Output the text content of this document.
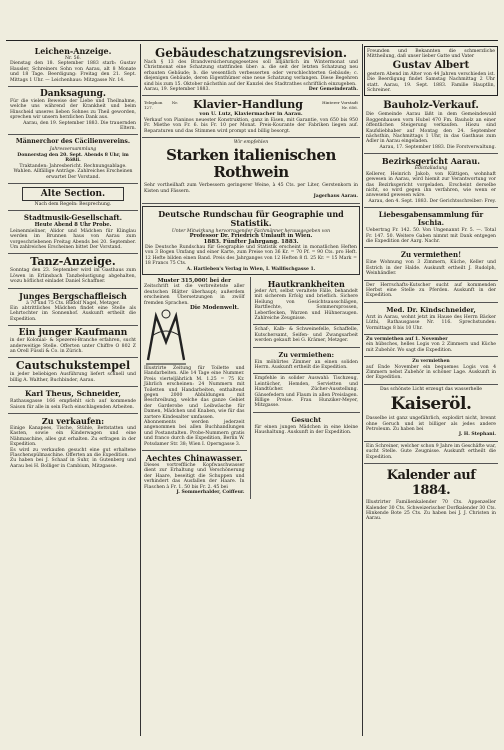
Leichen-Anzeige.

Nr. 56.

Dienstag den 18. September 1883 starb: Gustav Hausler, Schreiners Sohn von Aarau, alt 8 Monate und 18 Tage. Beerdigung: Freitag den 21. Sept. Mittags 1 Uhr. — Leichenhaus: Mitzgasse Nr. 14.

Danksagung.

Für die vielen Beweise der Liebe und Theilnahme, welche uns während der Krankheit und beim Hinscheid unseres lieben Sohnes zu Theil geworden, sprechen wir unsern herzlichen Dank aus.

Aarau, den 19. September 1883. Die trauernden Eltern.

Männerchor des Cäcilienvereins.

Jahresversammlung

Donnerstag den 20. Sept. Abends 8 Uhr, im Rößli.

Traktanden: Jahresbericht. Rechnungsablage. Wahlen. Allfällige Anträge. Zahlreiches Erscheinen erwartet Der Vorstand.

Alte Section.

Nach dem Regeln: Besprechung.

Stadtmusik-Gesellschaft.

Heute Abend 8 Uhr Probe.

Leinenmieliner, Alidor und Mädchen für Klinglau werden im Brunnen haus von Aarau zum vorgeschriebenen Freitag Abends bei 20. September. Um zahlreiches Erscheinen bittet Der Vorstand.

Tanz-Anzeige.

Sonntag den 23. September wird im Gasthaus zum Löwen in Erlinsbach Tanzbelustigung abgehalten, wozu höflichst einladet Daniel Schaffner.

Junges Bergschaffleisch

à 70 und 75 Cts. Rudolf Nagel, Metzger.

Ein abtrittliches Mädchen findet eine Stelle als Lehrtochter im Sonnenhof. Auskunft ertheilt die Expedition.

Ein junger Kaufmann

in der Kolonial- & Spezerei-Branche erfahren, sucht anderweitige Stelle. Offerten unter Chiffre O 802 Z an Orell Füssli & Co. in Zürich.

Cautschukstempel

in jeder beliebigen Ausführung liefert schnell und billig A. Walther, Buchbinder, Aarau.

Karl Theus, Schneider,

Rathausgasse 166 empfiehlt sich auf kommende Saison für alle in sein Fach einschlagenden Arbeiten.

Zu verkaufen:

Einige Kanapees, Tische, Stühle, Bettstatten und Kasten, sowie ein Kinderwagen und eine Nähmaschine, alles gut erhalten. Zu erfragen in der Expedition.

Es wird zu verkaufen gesucht eine gut erhaltene Flaschenspülmaschine. Offerten an die Expedition.

Zu haben bei J. Schaaf in Suhr, in Gutenberg und Aarau bei H. Bolliger in Cambium, Mitzgasse.

Gebäudeschatzungsrevision.

Nach § 13 des Brandversicherungsgesetzes soll alljährlich im Wintermonat und Christmonat eine Schatzung stattfinden über: a. die seit der letzten Schatzung neu erbauten Gebäude; b. die wesentlich verbesserten oder verschlechterten Gebäude; c. diejenigen Gebäude, deren Eigenthümer eine neue Schatzung verlangen. Diese Begehren sind bis zum 15. Oktober nächsthin auf der Kanzlei des Stadtrathes schriftlich einzugeben.

Aarau, 19. September 1883.	Der Gemeinderath.

Telephon Nr. 127.	Klavier-Handlung	Hinterer Vorstadt Nr. 656.

von U. Lutz, Klaviermacher in Aarau.

Verkauf von Pianinos neuester Konstruktion, ganz in Eisen, mit Garantie, von 650 bis 950 Fr. Miethe von Fr. 6. bis Fr. 10 per Monat. Preis-Kourante der Fabriken liegen auf. Reparaturen und das Stimmen wird prompt und billig besorgt.

Wir empfehlen

Starken italienischen Rothwein

Sehr vortheilhaft zum Verbessern geringerer Weine, à 45 Cts. per Liter, Gerstenkorn in Kisten und Fässern.

Jagerhaus Aarau.

Deutsche Rundschau für Geographie und Statistik.

Unter Mitwirkung hervorragender Fachmänner herausgegeben von

Professor Dr. Friedrich Umlauft in Wien.

1883. Fünfter Jahrgang. 1883.

Die Deutsche Rundschau für Geographie und Statistik erscheint in monatlichen Heften von 3 Bogen Umfang und einer Karte, zum Preise von 36 Kr. = 70 Pf. = 90 Cts. pro Heft. 12 Hefte bilden einen Band. Preis des Jahrganges von 12 Heften 8 fl. 25 Kr. = 15 Mark = 18 Francs 75 Cts.

A. Hartleben's Verlag in Wien, I. Wallfischgasse 1.

Muster 315,000! bei der

Zeitschrift ist die verbreitetste aller deutschen Blätter überhaupt; außerdem erscheinen Übersetzungen in zwölf fremden Sprachen.

Die Modenwelt.

Illustrirte Zeitung für Toilette und Handarbeiten. Alle 14 Tage eine Nummer. Preis vierteljährlich M. 1.25 = 75 Kr. Jährlich erscheinen: 24 Nummern mit Toiletten und Handarbeiten, enthaltend gegen 2000 Abbildungen mit Beschreibung, welche das ganze Gebiet der Garderobe und Leibwäsche für Damen, Mädchen und Knaben, wie für das zartere Kindesalter umfassen.

Abonnements werden jederzeit angenommen bei allen Buchhandlungen und Postanstalten. Probe-Nummern gratis und franco durch die Expedition, Berlin W. Potsdamer Str. 38; Wien I. Operngasse 3.

Aechtes Chinawasser.

Dieses vortreffliche Kopfwaschwasser dient zur Erhaltung und Verschönerung der Haare, beseitigt die Schuppen und verhindert das Ausfallen der Haare. In Flaschen à Fr. 1. 50 bis Fr. 2. 45 bei

J. Sommerhalder, Coiffeur.

Hautkrankheiten

jeder Art, selbst veraltete Fälle, behandelt mit sicherem Erfolg und brieflich. Sichere Heilung von Gesichtsausschlägen, Bartflechte, Sommersprossen, Leberflecken, Warzen und Hühneraugen. Zahlreiche Zeugnisse.

Schaf-, Kalb- & Schweinefelle, Schaffelle, Kutschersamt, Seifen- und Zwangsarbeit werden gekauft bei G. Krämer, Metzger.

Zu vermiethen:

Ein möblirtes Zimmer an einen soliden Herrn. Auskunft ertheilt die Expedition.

Empfehle in solider Auswahl: Tischzeug, Leintücher, Hemden, Servietten und Handtücher. Zücher-Ausstellung. Gänsefedern und Flaum in allen Preislagen. Billige Preise. Frau Hunziker-Meyer, Mitzgasse.

Gesucht

für einen jungen Mädchen in eine kleine Haushaltung. Auskunft in der Expedition.

Freunden und Bekannten die schmerzliche Mittheilung, daß unser lieber Gatte und Vater

Gustav Albert

gestern Abend im Alter von 44 Jahren verschieden ist. Die Beerdigung findet Samstag Nachmittag 2 Uhr statt. Aarau, 19. Sept. 1883. Familie Hauptlin, Schreiner.

Bauholz-Verkauf.

Die Gemeinde Aarau läßt in dem Gemeindewald Roggenhausen vorn Hubel 470 Fm. Bauholz an einer öffentlichen Steigerung verkaufen. Hiezu sind Kaufsliebhaber auf Montag den 24. September nächsthin, Nachmittags 1 Uhr, in das Gasthaus zum Adler in Aarau eingeladen.

Aarau, 17. September 1883. Die Forstverwaltung.

Bezirksgericht Aarau.

Edictalladung

Kellerer, Heinrich Jakob, von Küttigen, wohnhaft gewesen in Aarau, wird hiemit zur Verantwortung vor das Bezirksgericht vorgeladen. Erscheint derselbe nicht, so wird gegen ihn verfahren, wie wenn er anwesend gewesen wäre.

Aarau, den 4. Sept. 1883. Der Gerichtsschreiber: Frey.

Liebesgabensammlung für Ischia.

Uebertrag Fr. 142. 50. Von Ungenannt Fr. 5. —. Total Fr. 147. 50. Weitere Gaben nimmt mit Dank entgegen die Expedition der Aarg. Nachr.

Zu vermiethen!

Eine Wohnung von 3 Zimmern, Küche, Keller und Estrich in der Halde. Auskunft ertheilt J. Rudolph, Weinhändler.

Der Herrschafts-Kutscher sucht auf kommenden Herbst eine Stelle zu Pferden. Auskunft in der Expedition.

Med. Dr. Kindschneider,

Arzt in Aarau, wohnt jetzt im Hause des Herrn Bäcker Lüthi, Rathausgasse Nr. 116. Sprechstunden: Vormittags 8 bis 10 Uhr.

Zu vermiethen auf 1. November

ein hübsches, helles Logis von 2 Zimmern und Küche mit Zubehör. Wo sagt die Expedition.

Zu vermiethen

auf Ende November ein bequemes Logis von 4 Zimmern nebst Zubehör in schöner Lage. Auskunft in der Expedition.

Das schönste Licht erzeugt das wasserhelle

Kaiseröl.

Dasselbe ist ganz ungefährlich, explodirt nicht, brennt ohne Geruch und ist billiger als jedes andere Petroleum. Zu haben bei

J. H. Stephani.

Ein Schreiner, welcher schon 9 Jahre im Geschäfte war, sucht Stelle. Gute Zeugnisse. Auskunft ertheilt die Expedition.

Kalender auf 1884.

Illustrirter Familienkalender 70 Cts. Appenzeller Kalender 30 Cts. Schweizerischer Dorfkalender 30 Cts. Hinkende Bote 25 Cts. Zu haben bei J. J. Christen in Aarau.
